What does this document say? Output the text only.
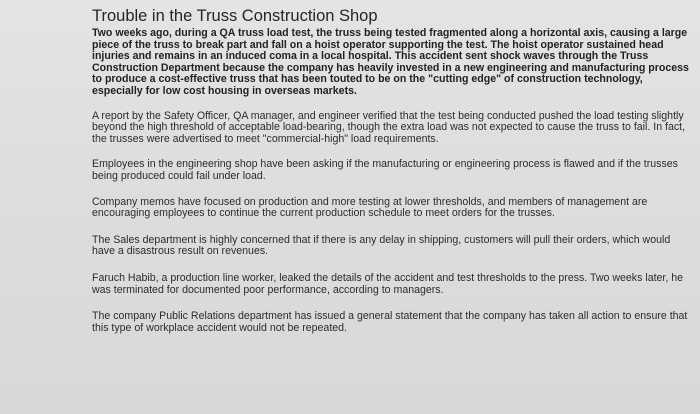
Trouble in the Truss Construction Shop

Two weeks ago, during a QA truss load test, the truss being tested fragmented along a horizontal axis, causing a large piece of the truss to break part and fall on a hoist operator supporting the test. The hoist operator sustained head injuries and remains in an induced coma in a local hospital. This accident sent shock waves through the Truss Construction Department because the company has heavily invested in a new engineering and manufacturing process to produce a cost-effective truss that has been touted to be on the "cutting edge" of construction technology, especially for low cost housing in overseas markets.

A report by the Safety Officer, QA manager, and engineer verified that the test being conducted pushed the load testing slightly beyond the high threshold of acceptable load-bearing, though the extra load was not expected to cause the truss to fail. In fact, the trusses were advertised to meet "commercial-high" load requirements.

Employees in the engineering shop have been asking if the manufacturing or engineering process is flawed and if the trusses being produced could fail under load.

Company memos have focused on production and more testing at lower thresholds, and members of management are encouraging employees to continue the current production schedule to meet orders for the trusses.

The Sales department is highly concerned that if there is any delay in shipping, customers will pull their orders, which would have a disastrous result on revenues.

Faruch Habib, a production line worker, leaked the details of the accident and test thresholds to the press. Two weeks later, he was terminated for documented poor performance, according to managers.

The company Public Relations department has issued a general statement that the company has taken all action to ensure that this type of workplace accident would not be repeated.
